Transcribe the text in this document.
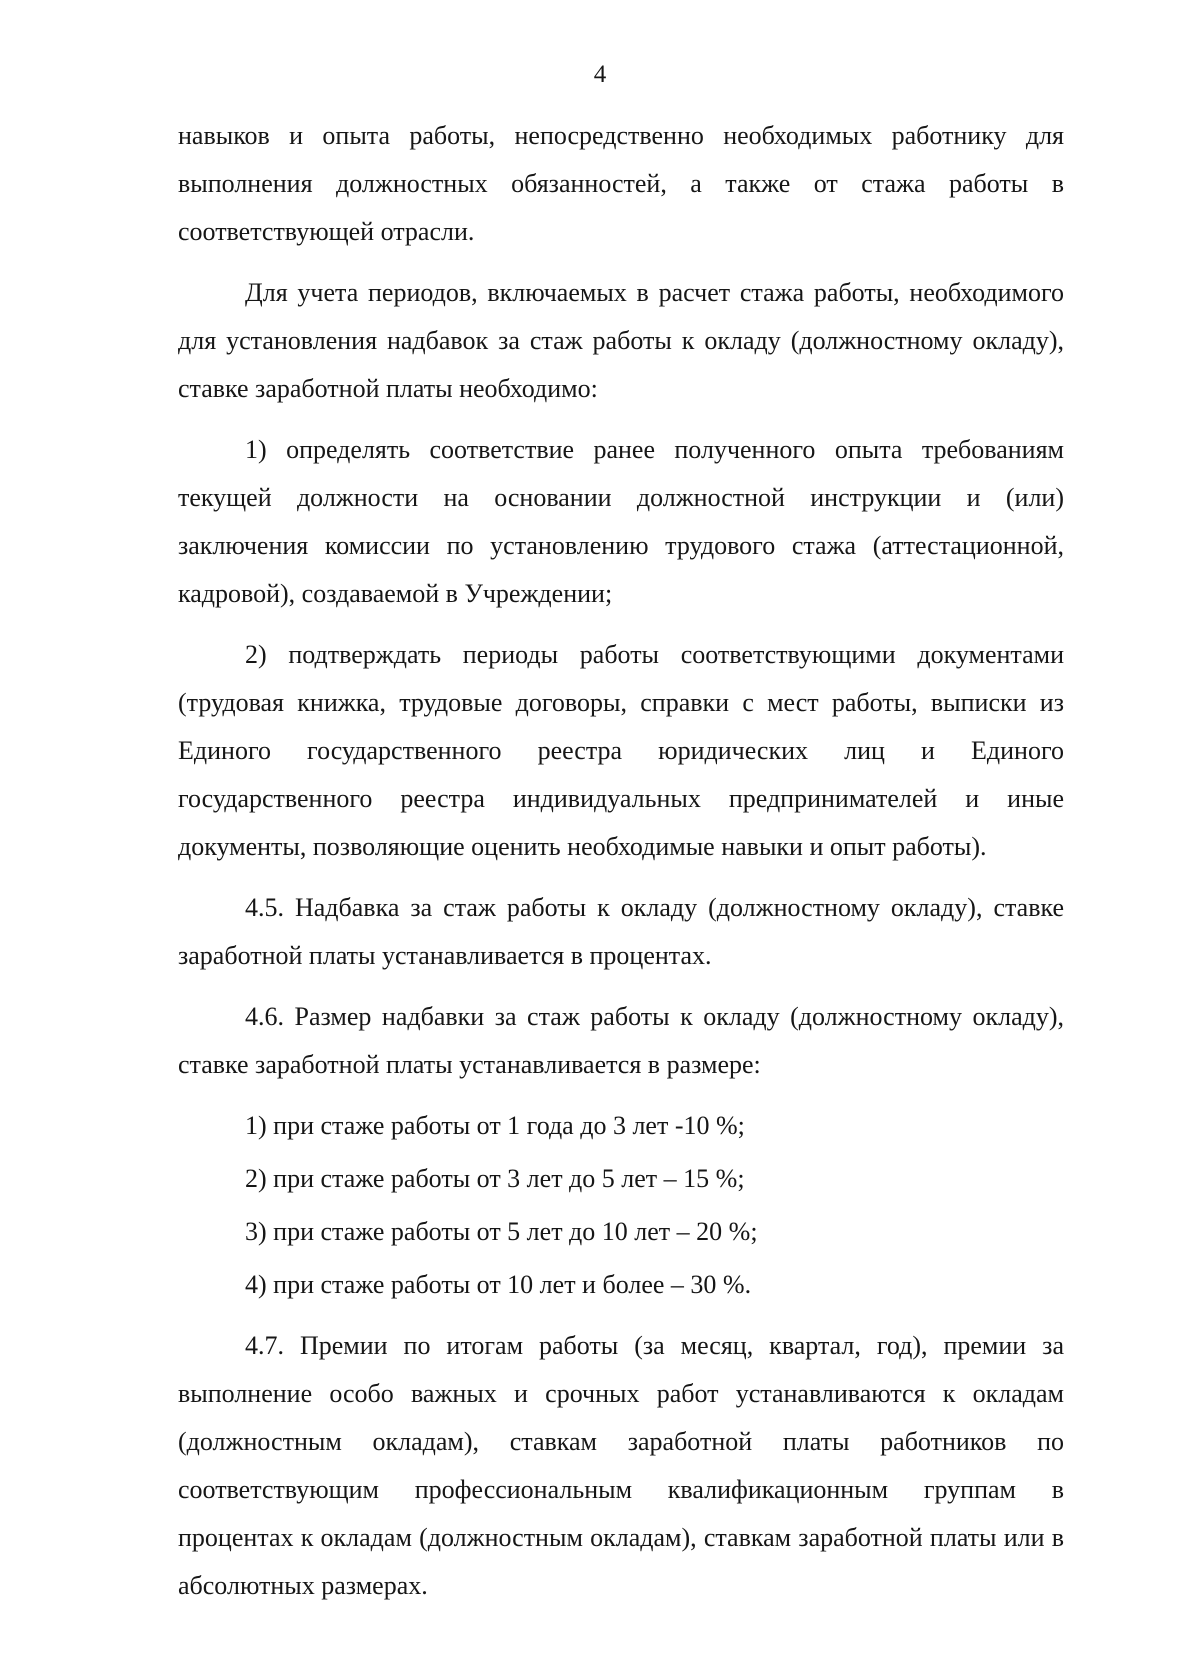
4

навыков и опыта работы, непосредственно необходимых работнику для выполнения должностных обязанностей, а также от стажа работы в соответствующей отрасли.

Для учета периодов, включаемых в расчет стажа работы, необходимого для установления надбавок за стаж работы к окладу (должностному окладу), ставке заработной платы необходимо:

1) определять соответствие ранее полученного опыта требованиям текущей должности на основании должностной инструкции и (или) заключения комиссии по установлению трудового стажа (аттестационной, кадровой), создаваемой в Учреждении;

2) подтверждать периоды работы соответствующими документами (трудовая книжка, трудовые договоры, справки с мест работы, выписки из Единого государственного реестра юридических лиц и Единого государственного реестра индивидуальных предпринимателей и иные документы, позволяющие оценить необходимые навыки и опыт работы).

4.5. Надбавка за стаж работы к окладу (должностному окладу), ставке заработной платы устанавливается в процентах.

4.6. Размер надбавки за стаж работы к окладу (должностному окладу), ставке заработной платы устанавливается в размере:

1) при стаже работы от 1 года до 3 лет -10 %;

2) при стаже работы от 3 лет до 5 лет – 15 %;

3) при стаже работы от 5 лет до 10 лет – 20 %;

4) при стаже работы от 10 лет и более – 30 %.

4.7. Премии по итогам работы (за месяц, квартал, год), премии за выполнение особо важных и срочных работ устанавливаются к окладам (должностным окладам), ставкам заработной платы работников по соответствующим профессиональным квалификационным группам в процентах к окладам (должностным окладам), ставкам заработной платы или в абсолютных размерах.
